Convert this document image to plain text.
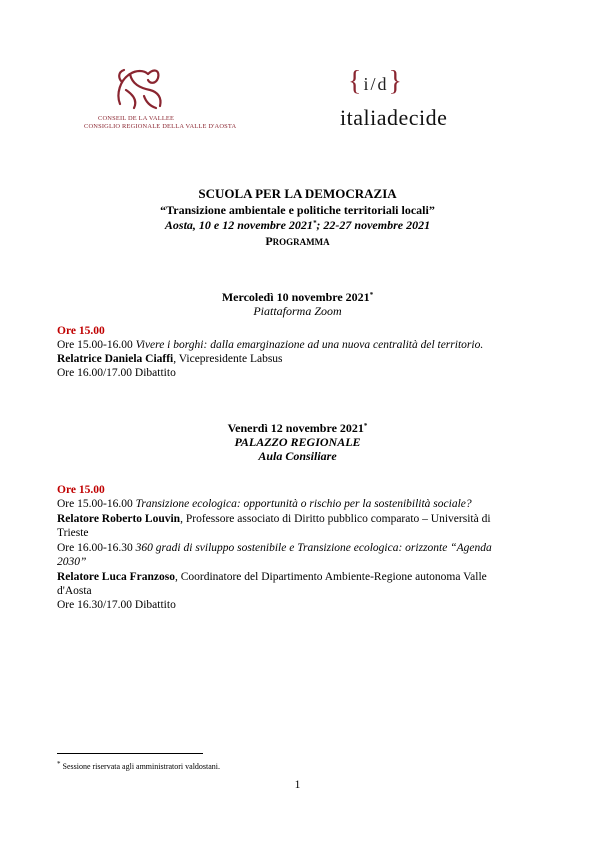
CONSEIL DE LA VALLEE
CONSIGLIO REGIONALE DELLA VALLE D'AOSTA
{i/d}
italiadecide
SCUOLA PER LA DEMOCRAZIA
“Transizione ambientale e politiche territoriali locali”
Aosta, 10 e 12 novembre 2021*; 22-27 novembre 2021
PROGRAMMA
Mercoledì 10 novembre 2021*
Piattaforma Zoom
Ore 15.00
Ore 15.00-16.00 Vivere i borghi: dalla emarginazione ad una nuova centralità del territorio.
Relatrice Daniela Ciaffi, Vicepresidente Labsus
Ore 16.00/17.00 Dibattito
Venerdì 12 novembre 2021*
PALAZZO REGIONALE
Aula Consiliare
Ore 15.00
Ore 15.00-16.00 Transizione ecologica: opportunità o rischio per la sostenibilità sociale?
Relatore Roberto Louvin, Professore associato di Diritto pubblico comparato – Università di
Trieste
Ore 16.00-16.30 360 gradi di sviluppo sostenibile e Transizione ecologica: orizzonte “Agenda
2030”
Relatore Luca Franzoso, Coordinatore del Dipartimento Ambiente-Regione autonoma Valle
d'Aosta
Ore 16.30/17.00 Dibattito
* Sessione riservata agli amministratori valdostani.
1
